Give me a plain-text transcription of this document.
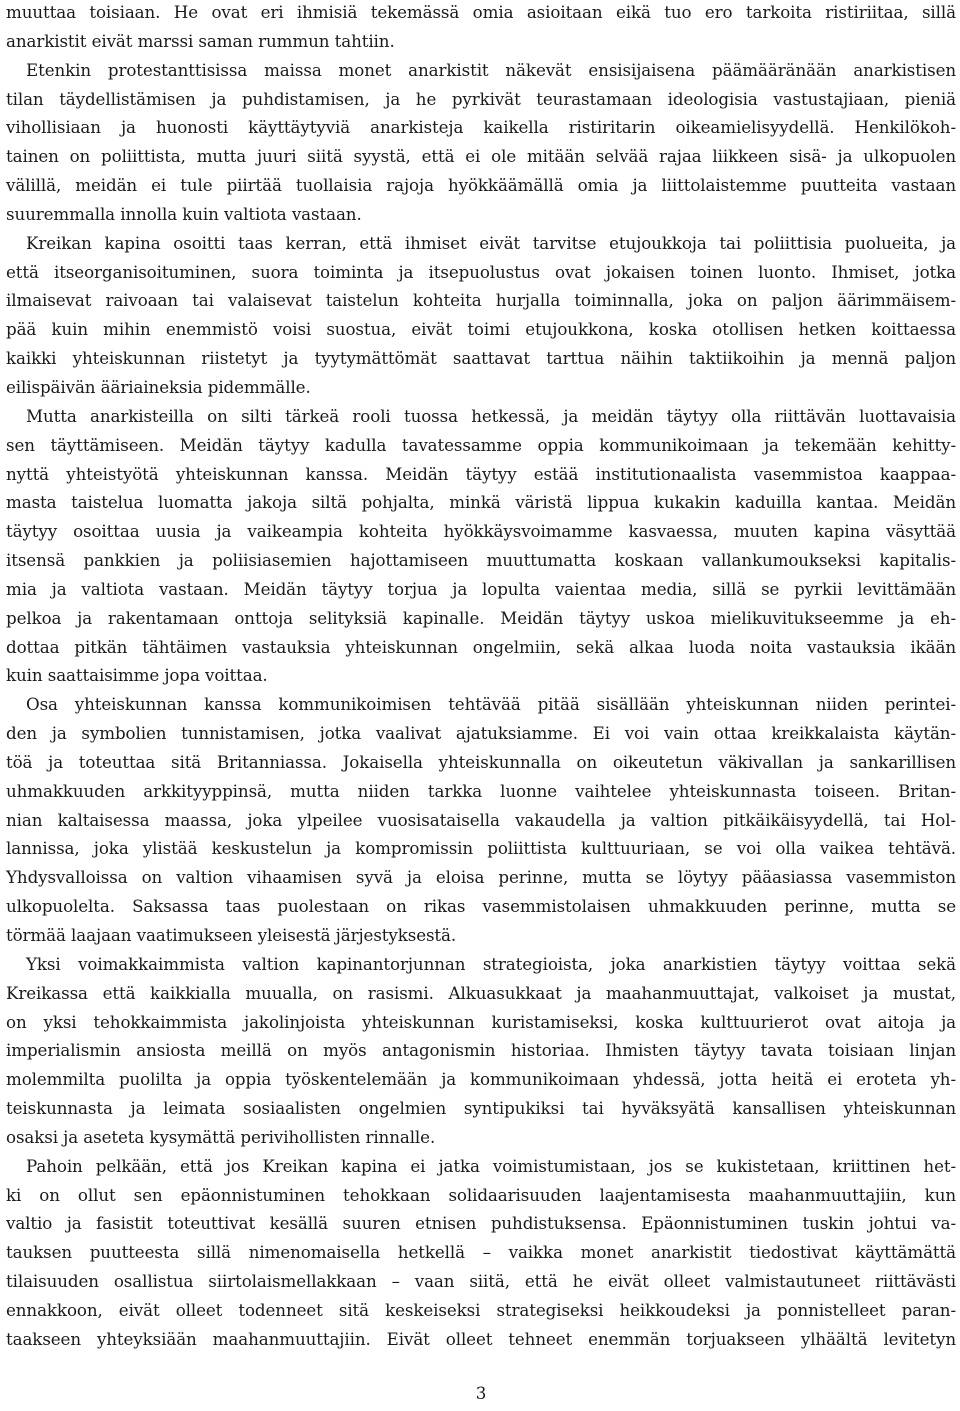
muuttaa toisiaan. He ovat eri ihmisiä tekemässä omia asioitaan eikä tuo ero tarkoita ristiriitaa, sillä
anarkistit eivät marssi saman rummun tahtiin.
Etenkin protestanttisissa maissa monet anarkistit näkevät ensisijaisena päämääränään anarkistisen
tilan täydellistämisen ja puhdistamisen, ja he pyrkivät teurastamaan ideologisia vastustajiaan, pieniä
vihollisiaan ja huonosti käyttäytyviä anarkisteja kaikella ristiritarin oikeamielisyydellä. Henkilökoh-
tainen on poliittista, mutta juuri siitä syystä, että ei ole mitään selvää rajaa liikkeen sisä- ja ulkopuolen
välillä, meidän ei tule piirtää tuollaisia rajoja hyökkäämällä omia ja liittolaistemme puutteita vastaan
suuremmalla innolla kuin valtiota vastaan.
Kreikan kapina osoitti taas kerran, että ihmiset eivät tarvitse etujoukkoja tai poliittisia puolueita, ja
että itseorganisoituminen, suora toiminta ja itsepuolustus ovat jokaisen toinen luonto. Ihmiset, jotka
ilmaisevat raivoaan tai valaisevat taistelun kohteita hurjalla toiminnalla, joka on paljon äärimmäisem-
pää kuin mihin enemmistö voisi suostua, eivät toimi etujoukkona, koska otollisen hetken koittaessa
kaikki yhteiskunnan riistetyt ja tyytymättömät saattavat tarttua näihin taktiikoihin ja mennä paljon
eilispäivän ääriaineksia pidemmälle.
Mutta anarkisteilla on silti tärkeä rooli tuossa hetkessä, ja meidän täytyy olla riittävän luottavaisia
sen täyttämiseen. Meidän täytyy kadulla tavatessamme oppia kommunikoimaan ja tekemään kehitty-
nyttä yhteistyötä yhteiskunnan kanssa. Meidän täytyy estää institutionaalista vasemmistoa kaappaa-
masta taistelua luomatta jakoja siltä pohjalta, minkä väristä lippua kukakin kaduilla kantaa. Meidän
täytyy osoittaa uusia ja vaikeampia kohteita hyökkäysvoimamme kasvaessa, muuten kapina väsyttää
itsensä pankkien ja poliisiasemien hajottamiseen muuttumatta koskaan vallankumoukseksi kapitalis-
mia ja valtiota vastaan. Meidän täytyy torjua ja lopulta vaientaa media, sillä se pyrkii levittämään
pelkoa ja rakentamaan onttoja selityksiä kapinalle. Meidän täytyy uskoa mielikuvitukseemme ja eh-
dottaa pitkän tähtäimen vastauksia yhteiskunnan ongelmiin, sekä alkaa luoda noita vastauksia ikään
kuin saattaisimme jopa voittaa.
Osa yhteiskunnan kanssa kommunikoimisen tehtävää pitää sisällään yhteiskunnan niiden perintei-
den ja symbolien tunnistamisen, jotka vaalivat ajatuksiamme. Ei voi vain ottaa kreikkalaista käytän-
töä ja toteuttaa sitä Britanniassa. Jokaisella yhteiskunnalla on oikeutetun väkivallan ja sankarillisen
uhmakkuuden arkkityyppinsä, mutta niiden tarkka luonne vaihtelee yhteiskunnasta toiseen. Britan-
nian kaltaisessa maassa, joka ylpeilee vuosisataisella vakaudella ja valtion pitkäikäisyydellä, tai Hol-
lannissa, joka ylistää keskustelun ja kompromissin poliittista kulttuuriaan, se voi olla vaikea tehtävä.
Yhdysvalloissa on valtion vihaamisen syvä ja eloisa perinne, mutta se löytyy pääasiassa vasemmiston
ulkopuolelta. Saksassa taas puolestaan on rikas vasemmistolaisen uhmakkuuden perinne, mutta se
törmää laajaan vaatimukseen yleisestä järjestyksestä.
Yksi voimakkaimmista valtion kapinantorjunnan strategioista, joka anarkistien täytyy voittaa sekä
Kreikassa että kaikkialla muualla, on rasismi. Alkuasukkaat ja maahanmuuttajat, valkoiset ja mustat,
on yksi tehokkaimmista jakolinjoista yhteiskunnan kuristamiseksi, koska kulttuurierot ovat aitoja ja
imperialismin ansiosta meillä on myös antagonismin historiaa. Ihmisten täytyy tavata toisiaan linjan
molemmilta puolilta ja oppia työskentelemään ja kommunikoimaan yhdessä, jotta heitä ei eroteta yh-
teiskunnasta ja leimata sosiaalisten ongelmien syntipukiksi tai hyväksyätä kansallisen yhteiskunnan
osaksi ja aseteta kysymättä perivihollisten rinnalle.
Pahoin pelkään, että jos Kreikan kapina ei jatka voimistumistaan, jos se kukistetaan, kriittinen het-
ki on ollut sen epäonnistuminen tehokkaan solidaarisuuden laajentamisesta maahanmuuttajiin, kun
valtio ja fasistit toteuttivat kesällä suuren etnisen puhdistuksensa. Epäonnistuminen tuskin johtui va-
tauksen puutteesta sillä nimenomaisella hetkellä – vaikka monet anarkistit tiedostivat käyttämättä
tilaisuuden osallistua siirtolaismellakkaan – vaan siitä, että he eivät olleet valmistautuneet riittävästi
ennakkoon, eivät olleet todenneet sitä keskeiseksi strategiseksi heikkoudeksi ja ponnistelleet paran-
taakseen yhteyksiään maahanmuuttajiin. Eivät olleet tehneet enemmän torjuakseen ylhäältä levitetyn
3
